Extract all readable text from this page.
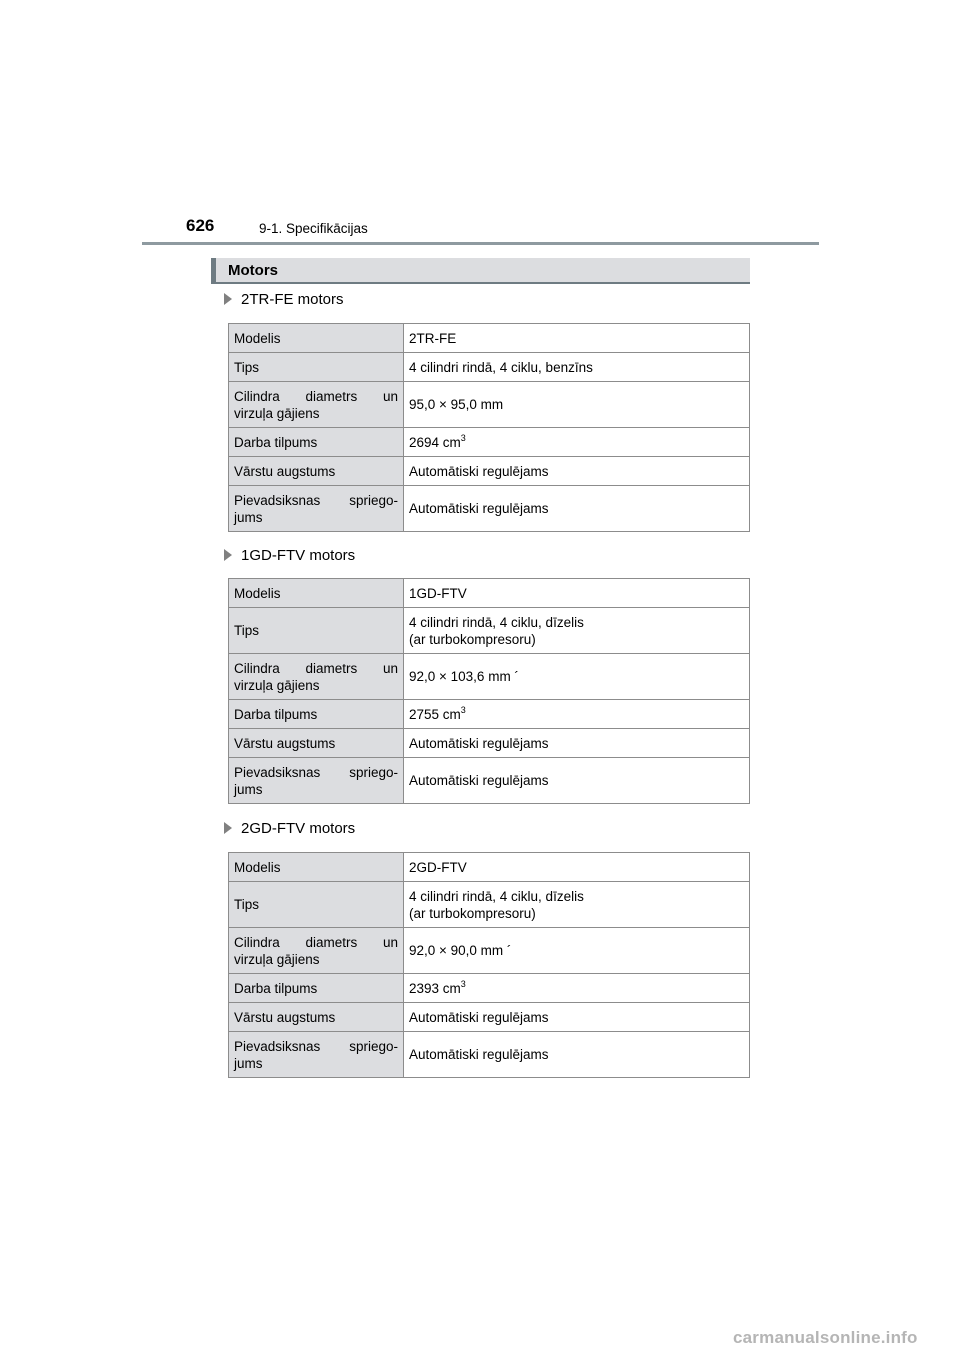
626	9-1. Specifikācijas
Motors
2TR-FE motors
Modelis	2TR-FE
Tips	4 cilindri rindā, 4 ciklu, benzīns

Cilindra diametrs un
virzuļa gājiens	95,0 × 95,0 mm
Darba tilpums	2694 $cm^3$
Vārstu augstums	Automātiski regulējams

Pievadsiksnas spriego-
jums	Automātiski regulējams
1GD-FTV motors
Modelis	1GD-FTV
Tips	4 cilindri rindā, 4 ciklu, dīzelis
(ar turbokompresoru)

Cilindra diametrs un
virzuļa gājiens	92,0 × 103,6 mm ´
Darba tilpums	2755 $cm^3$
Vārstu augstums	Automātiski regulējams

Pievadsiksnas spriego-
jums	Automātiski regulējams
2GD-FTV motors
Modelis	2GD-FTV
Tips	4 cilindri rindā, 4 ciklu, dīzelis
(ar turbokompresoru)

Cilindra diametrs un
virzuļa gājiens	92,0 × 90,0 mm ´
Darba tilpums	2393 $cm^3$
Vārstu augstums	Automātiski regulējams

Pievadsiksnas spriego-
jums	Automātiski regulējams
carmanualsonline.info
